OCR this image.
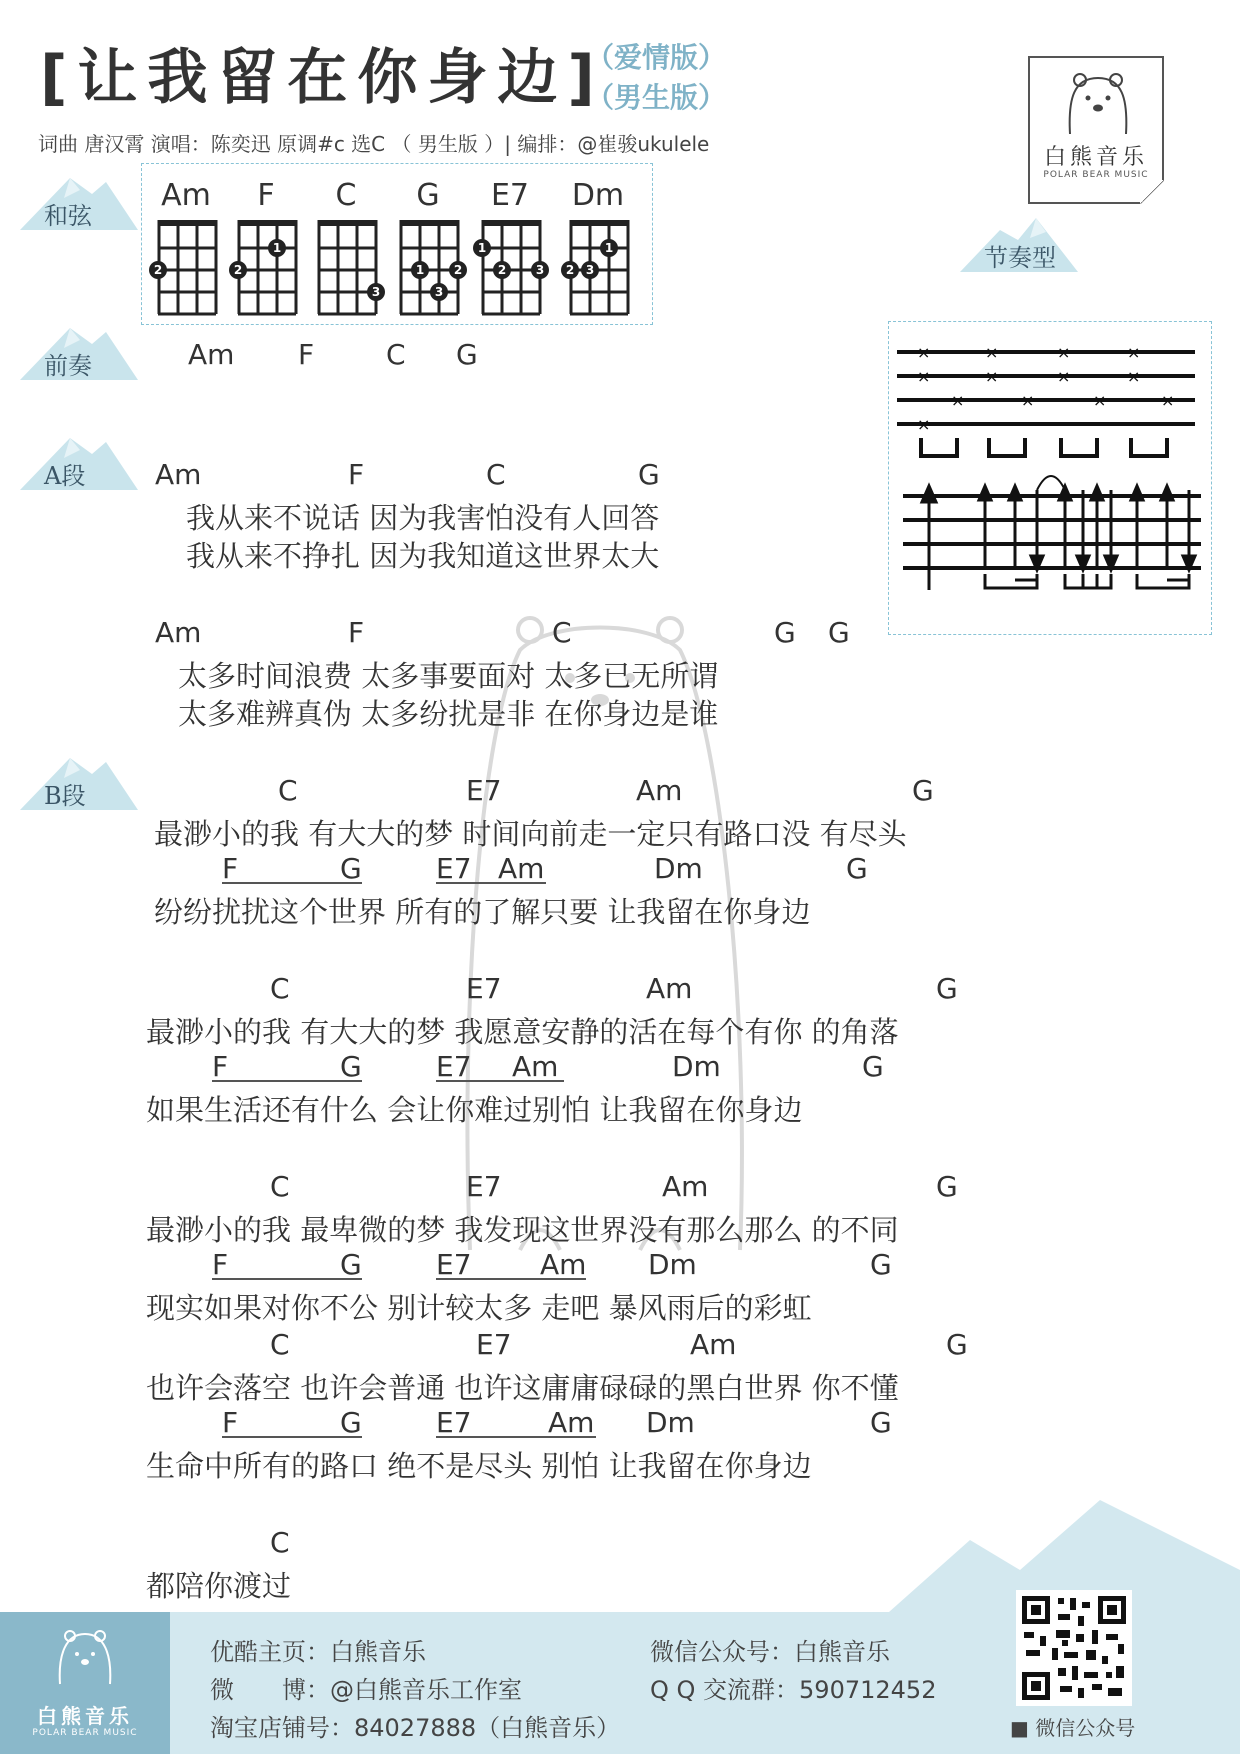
[让我留在你身边]
（爱情版）
（男生版）
词曲 唐汉霄 演唱：陈奕迅 原调#c 选C （ 男生版 ）| 编排：@崔骏ukulele
白熊音乐
POLAR BEAR MUSIC
和弦
节奏型
前奏
A段
B段
Am
2
F
1
2
C
3
G
1	2
3
E7
1
2	3
Dm
1
2 3
×	×	×	×
×	×	×	×
×	×	×	×
×
Am F	C G
Am	F	C	G
我从来不说话 因为我害怕没有人回答
我从来不挣扎 因为我知道这世界太大
Am	F	C	G G
太多时间浪费 太多事要面对 太多已无所谓
太多难辨真伪 太多纷扰是非 在你身边是谁
C	E7	Am	G
最渺小的我 有大大的梦 时间向前走一定只有路口没 有尽头
F	G	E7 Am	Dm	G
纷纷扰扰这个世界 所有的了解只要 让我留在你身边
C	E7	Am	G
最渺小的我 有大大的梦 我愿意安静的活在每个有你 的角落
F	G	E7 Am	Dm	G
如果生活还有什么 会让你难过别怕 让我留在你身边
C	E7	Am	G
最渺小的我 最卑微的梦 我发现这世界没有那么那么 的不同
F	G	E7 Am Dm	G
现实如果对你不公 别计较太多 走吧 暴风雨后的彩虹
C	E7	Am	G
也许会落空 也许会普通 也许这庸庸碌碌的黑白世界 你不懂
F	G	E7	Am Dm	G
生命中所有的路口 绝不是尽头 别怕 让我留在你身边
C
都陪你渡过
白熊音乐
POLAR BEAR MUSIC
优酷主页：白熊音乐
微　　博：@白熊音乐工作室
淘宝店铺号：84027888（白熊音乐）
微信公众号：白熊音乐
Q Q 交流群：590712452
■ 微信公众号
